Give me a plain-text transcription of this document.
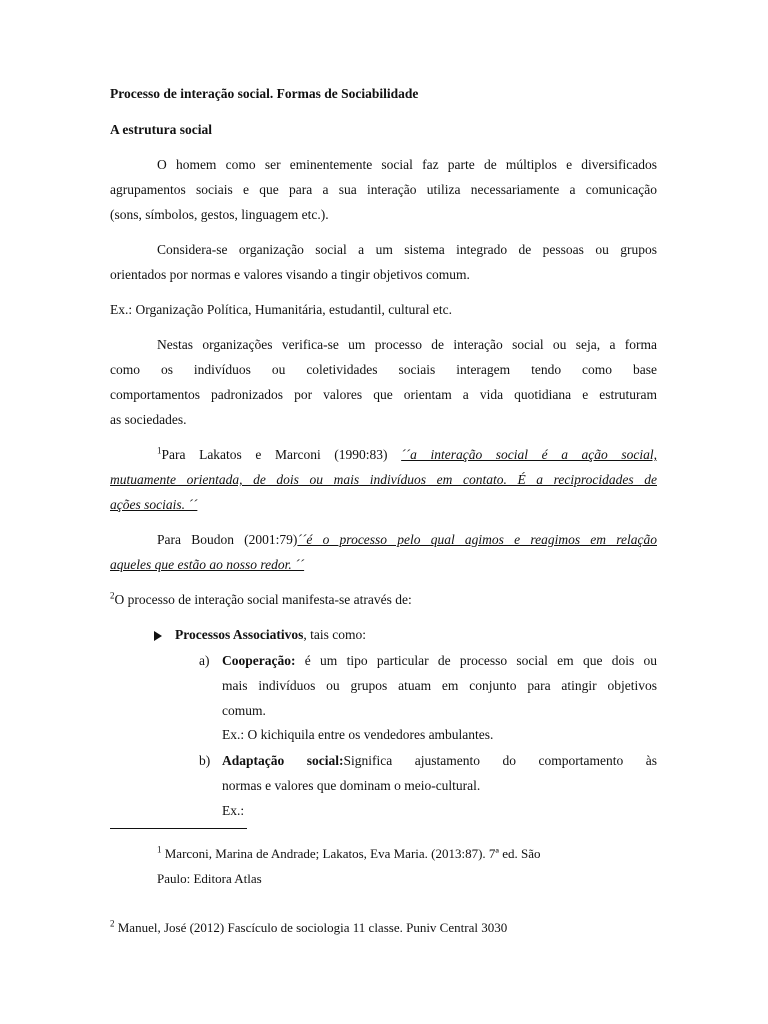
Processo de interação social. Formas de Sociabilidade
A estrutura social
O homem como ser eminentemente social faz parte de múltiplos e diversificados
agrupamentos sociais e que para a sua interação utiliza necessariamente a comunicação
(sons, símbolos, gestos, linguagem etc.).
Considera-se organização social a um sistema integrado de pessoas ou grupos
orientados por normas e valores visando a tingir objetivos comum.
Ex.: Organização Política, Humanitária, estudantil, cultural etc.
Nestas organizações verifica-se um processo de interação social ou seja, a forma
como os indivíduos ou coletividades sociais interagem tendo como base
comportamentos padronizados por valores que orientam a vida quotidiana e estruturam
as sociedades.
$^1$Para Lakatos e Marconi (1990:83) ´´a interação social é a ação social,
mutuamente orientada, de dois ou mais indivíduos em contato. É a reciprocidades de
ações sociais. ´´
Para Boudon (2001:79)´´é o processo pelo qual agimos e reagimos em relação
aqueles que estão ao nosso redor. ´´
$^2$O processo de interação social manifesta-se através de:
Processos Associativos, tais como:
a) Cooperação: é um tipo particular de processo social em que dois ou
mais indivíduos ou grupos atuam em conjunto para atingir objetivos
comum.
Ex.: O kichiquila entre os vendedores ambulantes.
b) Adaptação social:Significa ajustamento do comportamento às
normas e valores que dominam o meio-cultural.
Ex.:
$^1$ Marconi, Marina de Andrade; Lakatos, Eva Maria. (2013:87). 7ª ed. São
Paulo: Editora Atlas
$^2$ Manuel, José (2012) Fascículo de sociologia 11 classe. Puniv Central 3030
